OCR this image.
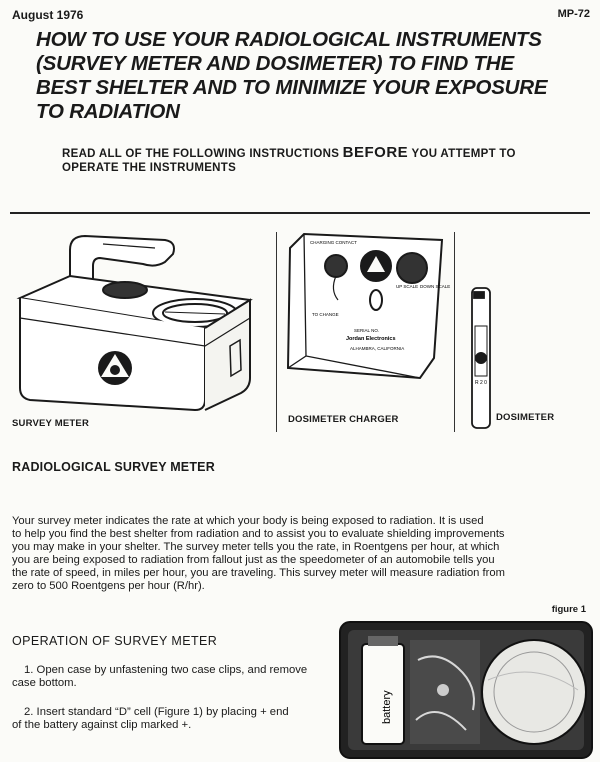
August 1976	MP-72
HOW TO USE YOUR RADIOLOGICAL INSTRUMENTS
(SURVEY METER AND DOSIMETER) TO FIND THE
BEST SHELTER AND TO MINIMIZE YOUR EXPOSURE
TO RADIATION
READ ALL OF THE FOLLOWING INSTRUCTIONS BEFORE YOU ATTEMPT TO
OPERATE THE INSTRUMENTS
SURVEY METER
CHARGING CONTACT
UP SCALE DOWN SCALE
TO CHANGE
SERIAL NO.
Jordan Electronics
ALHAMBRA, CALIFORNIA
DOSIMETER CHARGER
R 2 0
DOSIMETER
RADIOLOGICAL SURVEY METER
Your survey meter indicates the rate at which your body is being exposed to radiation. It is used
to help you find the best shelter from radiation and to assist you to evaluate shielding improvements
you may make in your shelter. The survey meter tells you the rate, in Roentgens per hour, at which
you are being exposed to radiation from fallout just as the speedometer of an automobile tells you
the rate of speed, in miles per hour, you are traveling. This survey meter will measure radiation from
zero to 500 Roentgens per hour (R/hr).
OPERATION OF SURVEY METER
1. Open case by unfastening two case clips, and remove
case bottom.
2. Insert standard “D” cell (Figure 1) by placing + end
of the battery against clip marked +.
figure 1
battery
